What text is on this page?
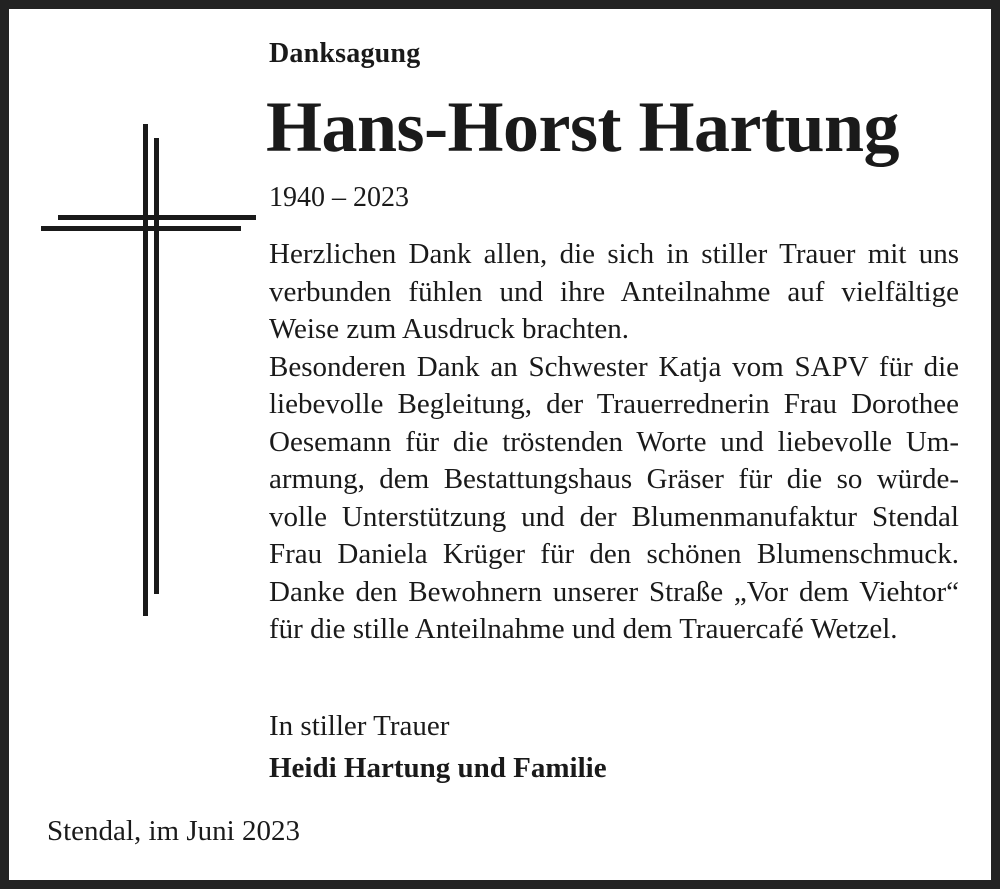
Danksagung
Hans-Horst Hartung
1940 – 2023
Herzlichen Dank allen, die sich in stiller Trauer mit uns
verbunden fühlen und ihre Anteilnahme auf vielfältige
Weise zum Ausdruck brachten.
Besonderen Dank an Schwester Katja vom SAPV für die
liebevolle Begleitung, der Trauerrednerin Frau Dorothee
Oesemann für die tröstenden Worte und liebevolle Um-
armung, dem Bestattungshaus Gräser für die so würde-
volle Unterstützung und der Blumenmanufaktur Stendal
Frau Daniela Krüger für den schönen Blumenschmuck.
Danke den Bewohnern unserer Straße „Vor dem Viehtor“
für die stille Anteilnahme und dem Trauercafé Wetzel.
In stiller Trauer
Heidi Hartung und Familie
Stendal, im Juni 2023
